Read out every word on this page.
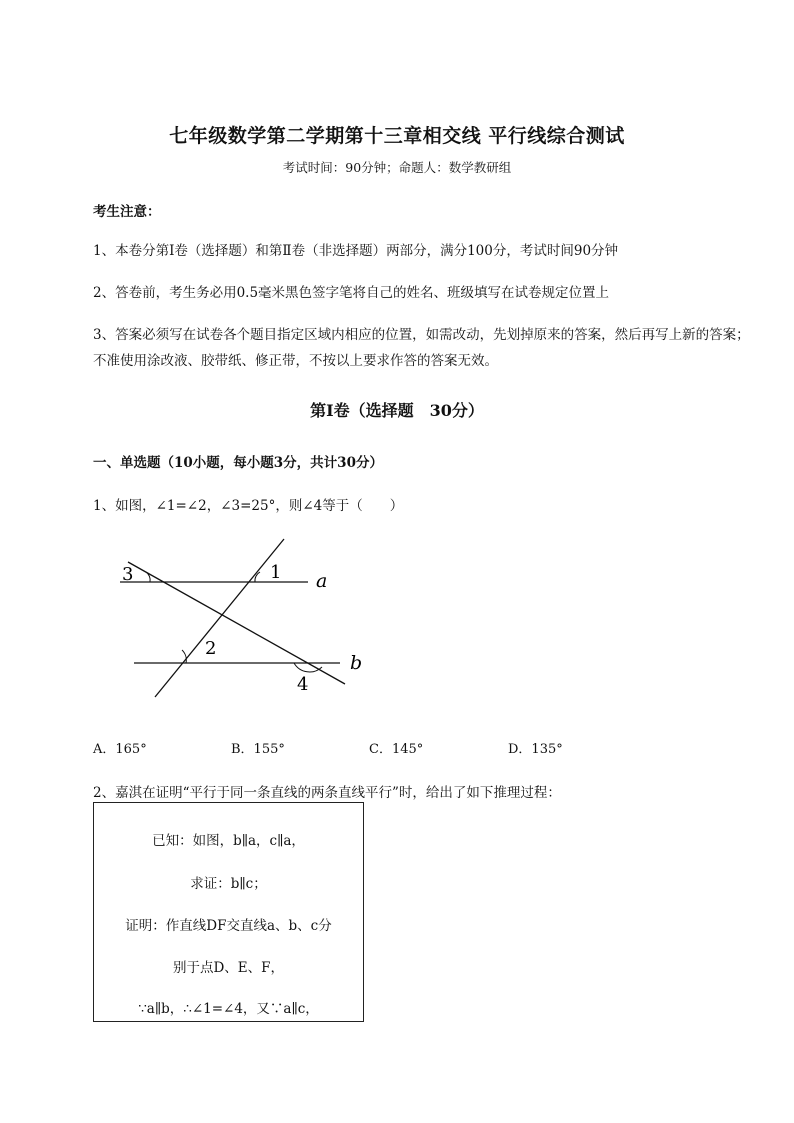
七年级数学第二学期第十三章相交线 平行线综合测试
考试时间：90分钟；命题人：数学教研组
考生注意：
1、本卷分第Ⅰ卷（选择题）和第Ⅱ卷（非选择题）两部分，满分100分，考试时间90分钟
2、答卷前，考生务必用0.5毫米黑色签字笔将自己的姓名、班级填写在试卷规定位置上
3、答案必须写在试卷各个题目指定区域内相应的位置，如需改动，先划掉原来的答案，然后再写上新的答案；不准使用涂改液、胶带纸、修正带，不按以上要求作答的答案无效。
第Ⅰ卷（选择题　30分）
一、单选题（10小题，每小题3分，共计30分）
1、如图，∠1=∠2，∠3=25°，则∠4等于（　　）
3	1 a
2
b
4
A．165°	B．155°	C．145°	D．135°
2、嘉淇在证明“平行于同一条直线的两条直线平行”时，给出了如下推理过程：
已知：如图，b∥a，c∥a，
求证：b∥c；
证明：作直线DF交直线a、b、c分
别于点D、E、F，
∵a∥b，∴∠1=∠4，又∵a∥c，
